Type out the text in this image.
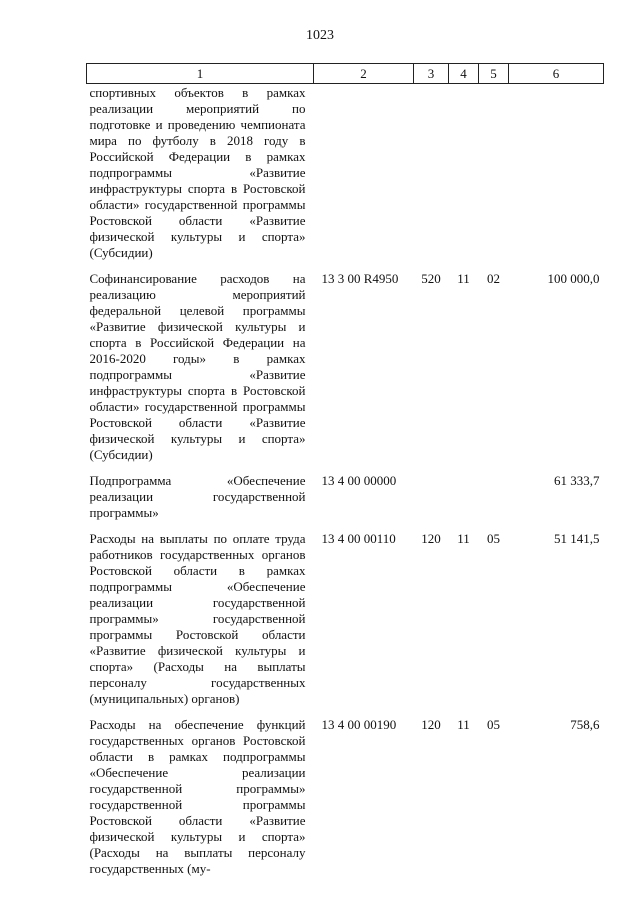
1023
1	2	3	4	5	6
спортивных объектов в рамках реализации мероприятий по подготовке и проведению чемпионата мира по футболу в 2018 году в Российской Федерации в рамках подпрограммы «Развитие инфраструктуры спорта в Ростовской области» государственной программы Ростовской области «Развитие физической культуры и спорта» (Субсидии)					
Софинансирование расходов на реализацию мероприятий федеральной целевой программы «Развитие физической культуры и спорта в Российской Федерации на 2016-2020 годы» в рамках подпрограммы «Развитие инфраструктуры спорта в Ростовской области» государственной программы Ростовской области «Развитие физической культуры и спорта» (Субсидии)	13 3 00 R4950	520	11	02	100 000,0
Подпрограмма «Обеспечение реализации государственной программы»	13 4 00 00000				61 333,7
Расходы на выплаты по оплате труда работников государственных органов Ростовской области в рамках подпрограммы «Обеспечение реализации государственной программы» государственной программы Ростовской области «Развитие физической культуры и спорта» (Расходы на выплаты персоналу государственных (муниципальных) органов)	13 4 00 00110	120	11	05	51 141,5
Расходы на обеспечение функций государственных органов Ростовской области в рамках подпрограммы «Обеспечение реализации государственной программы» государственной программы Ростовской области «Развитие физической культуры и спорта» (Расходы на выплаты персоналу государственных (му-	13 4 00 00190	120	11	05	758,6
